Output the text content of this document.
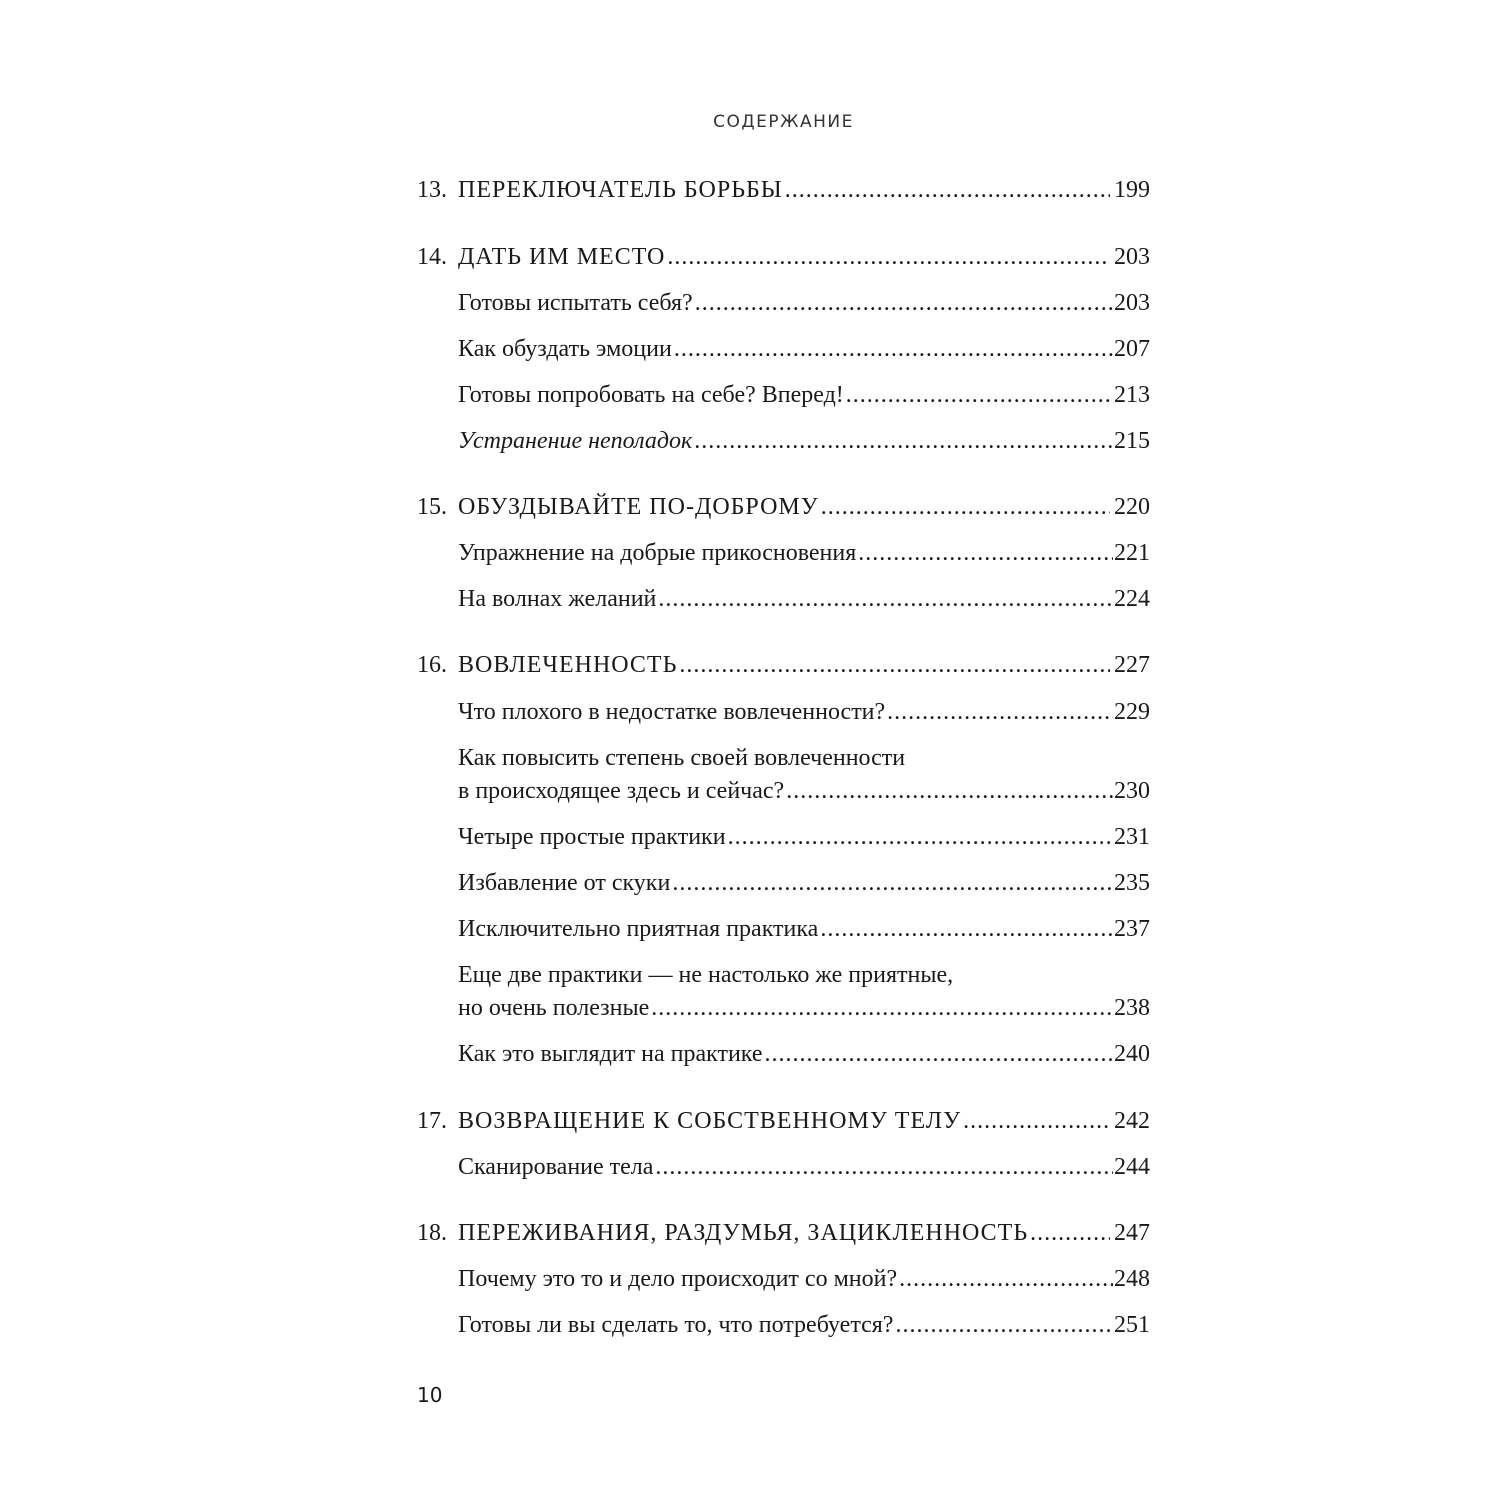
СОДЕРЖАНИЕ
13. ПЕРЕКЛЮЧАТЕЛЬ БОРЬБЫ .....	199
14. ДАТЬ ИМ МЕСТО .....	203
Готовы испытать себя? .....	203
Как обуздать эмоции .....	207
Готовы попробовать на себе? Вперед! .....	213
Устранение неполадок .....	215
15. ОБУЗДЫВАЙТЕ ПО-ДОБРОМУ .....	220
Упражнение на добрые прикосновения .....	221
На волнах желаний .....	224
16. ВОВЛЕЧЕННОСТЬ .....	227
Что плохого в недостатке вовлеченности? .....	229
Как повысить степень своей вовлеченности
в происходящее здесь и сейчас? .....	230
Четыре простые практики .....	231
Избавление от скуки .....	235
Исключительно приятная практика .....	237
Еще две практики — не настолько же приятные,
но очень полезные .....	238
Как это выглядит на практике .....	240
17. ВОЗВРАЩЕНИЕ К СОБСТВЕННОМУ ТЕЛУ .....	242
Сканирование тела .....	244
18. ПЕРЕЖИВАНИЯ, РАЗДУМЬЯ, ЗАЦИКЛЕННОСТЬ .....	247
Почему это то и дело происходит со мной? .....	248
Готовы ли вы сделать то, что потребуется? .....	251
10
